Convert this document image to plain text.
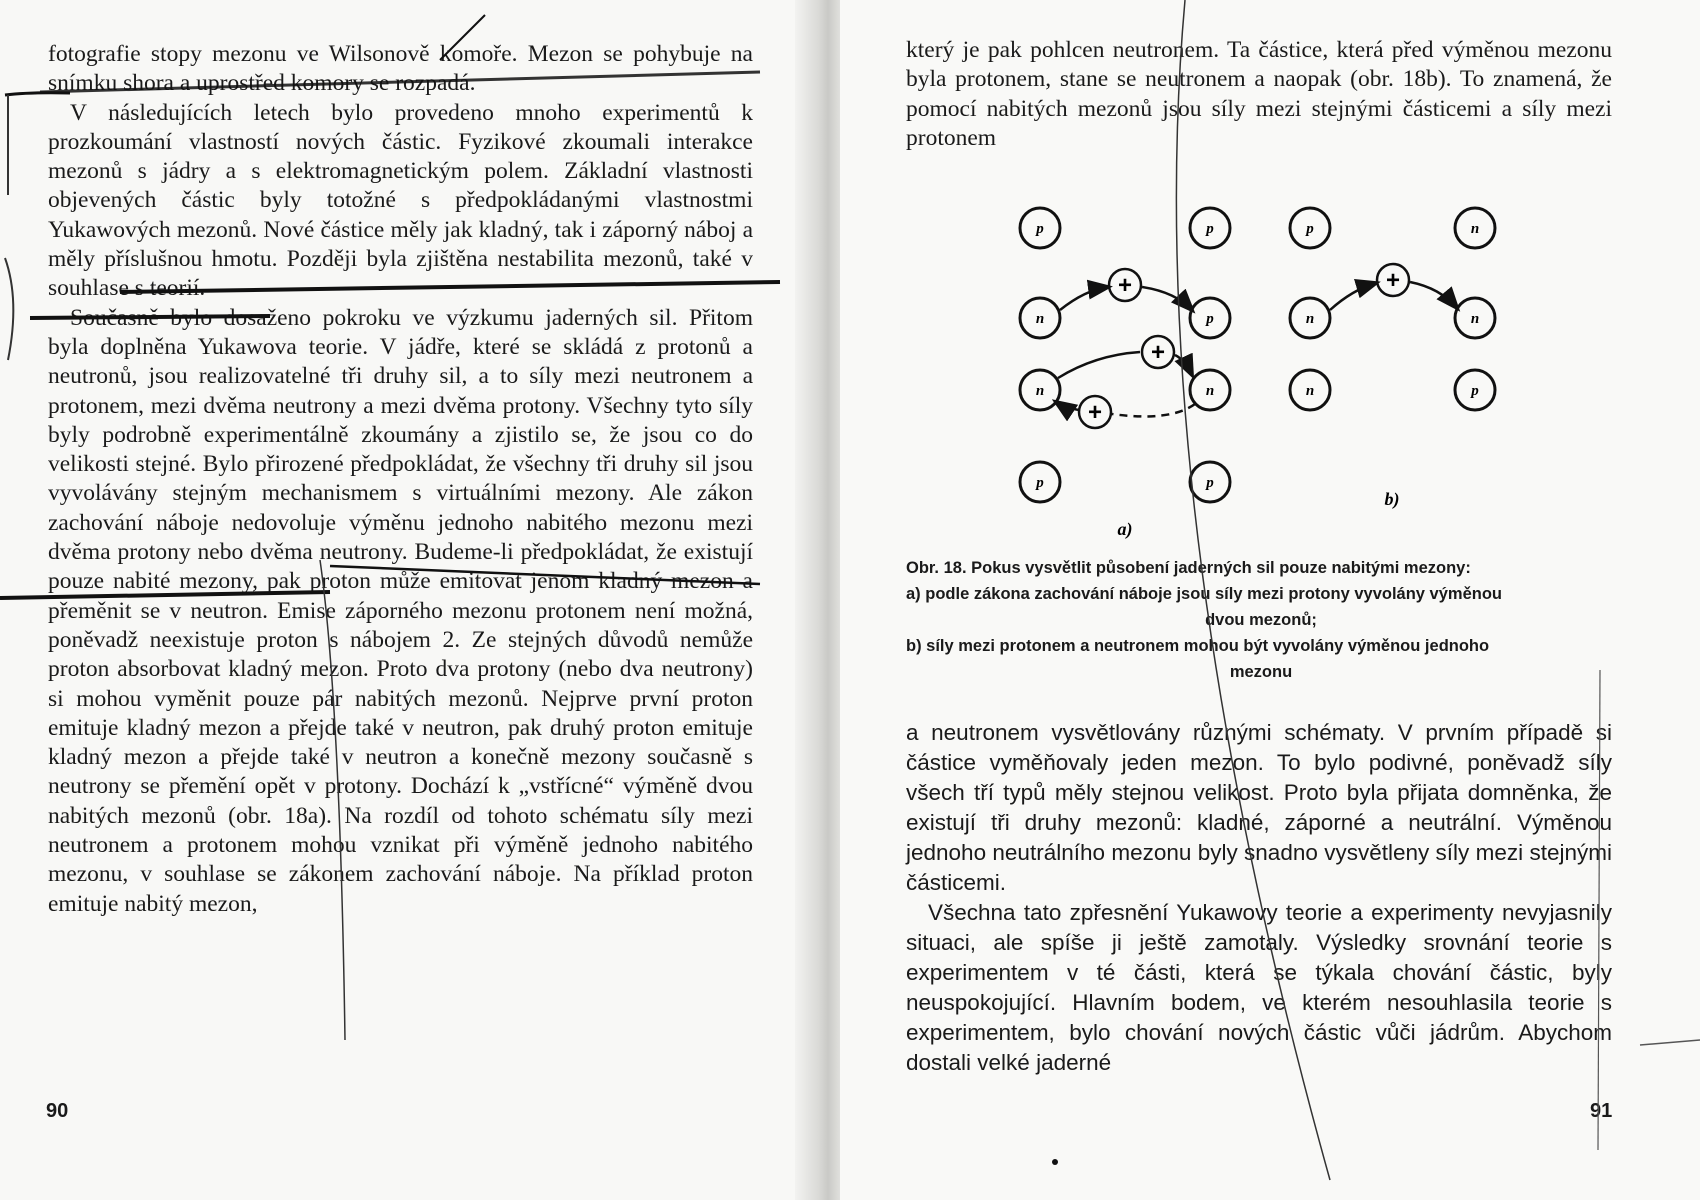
fotografie stopy mezonu ve Wilsonově komoře. Mezon se pohybuje na snímku shora a uprostřed komory se rozpadá.

V následujících letech bylo provedeno mnoho experimentů k prozkoumání vlastností nových částic. Fyzikové zkoumali interakce mezonů s jádry a s elektromagnetickým polem. Základní vlastnosti objevených částic byly totožné s předpokládanými vlastnostmi Yukawových mezonů. Nové částice měly jak kladný, tak i záporný náboj a měly příslušnou hmotu. Později byla zjištěna nestabilita mezonů, také v souhlase s teorií.

Současně bylo dosaženo pokroku ve výzkumu jaderných sil. Přitom byla doplněna Yukawova teorie. V jádře, které se skládá z protonů a neutronů, jsou realizovatelné tři druhy sil, a to síly mezi neutronem a protonem, mezi dvěma neutrony a mezi dvěma protony. Všechny tyto síly byly podrobně experimentálně zkoumány a zjistilo se, že jsou co do velikosti stejné. Bylo přirozené předpokládat, že všechny tři druhy sil jsou vyvolávány stejným mechanismem s virtuálními mezony. Ale zákon zachování náboje nedovoluje výměnu jednoho nabitého mezonu mezi dvěma protony nebo dvěma neutrony. Budeme-li předpokládat, že existují pouze nabité mezony, pak proton může emitovat jenom kladný mezon a přeměnit se v neutron. Emise záporného mezonu protonem není možná, poněvadž neexistuje proton s nábojem 2. Ze stejných důvodů nemůže proton absorbovat kladný mezon. Proto dva protony (nebo dva neutrony) si mohou vyměnit pouze pár nabitých mezonů. Nejprve první proton emituje kladný mezon a přejde také v neutron, pak druhý proton emituje kladný mezon a přejde také v neutron a konečně mezony současně s neutrony se přemění opět v protony. Dochází k „vstřícné“ výměně dvou nabitých mezonů (obr. 18a). Na rozdíl od tohoto schématu síly mezi neutronem a protonem mohou vznikat při výměně jednoho nabitého mezonu, v souhlase se zákonem zachování náboje. Na příklad proton emituje nabitý mezon,

90

který je pak pohlcen neutronem. Ta částice, která před výměnou mezonu byla protonem, stane se neutronem a naopak (obr. 18b). To znamená, že pomocí nabitých mezonů jsou síly mezi stejnými částicemi a síly mezi protonem

p	p
n
+
p
n	n
+
+
p	p
a)
p	n
n
+
n
n	p
b)

Obr. 18. Pokus vysvětlit působení jaderných sil pouze nabitými mezony:

a) podle zákona zachování náboje jsou síly mezi protony vyvolány výměnou

dvou mezonů;

b) síly mezi protonem a neutronem mohou být vyvolány výměnou jednoho

mezonu

a neutronem vysvětlovány různými schématy. V prvním případě si částice vyměňovaly jeden mezon. To bylo podivné, poněvadž síly všech tří typů měly stejnou velikost. Proto byla přijata domněnka, že existují tři druhy mezonů: kladné, záporné a neutrální. Výměnou jednoho neutrálního mezonu byly snadno vysvětleny síly mezi stejnými částicemi.

Všechna tato zpřesnění Yukawovy teorie a experimenty nevyjasnily situaci, ale spíše ji ještě zamotaly. Výsledky srovnání teorie s experimentem v té části, která se týkala chování částic, byly neuspokojující. Hlavním bodem, ve kterém nesouhlasila teorie s experimentem, bylo chování nových částic vůči jádrům. Abychom dostali velké jaderné

91
